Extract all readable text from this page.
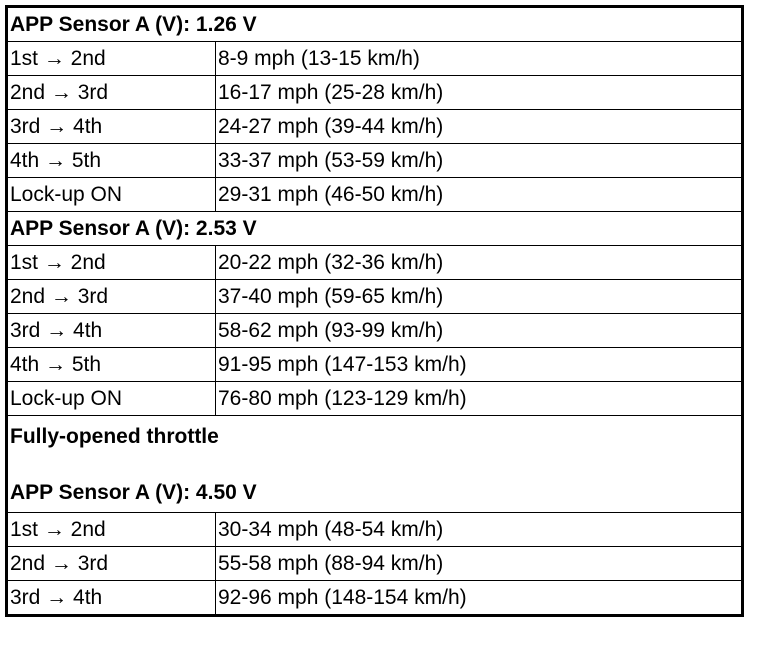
APP Sensor A (V): 1.26 V	
1st → 2nd	8-9 mph (13-15 km/h)
2nd → 3rd	16-17 mph (25-28 km/h)
3rd → 4th	24-27 mph (39-44 km/h)
4th → 5th	33-37 mph (53-59 km/h)
Lock-up ON	29-31 mph (46-50 km/h)
APP Sensor A (V): 2.53 V	
1st → 2nd	20-22 mph (32-36 km/h)
2nd → 3rd	37-40 mph (59-65 km/h)
3rd → 4th	58-62 mph (93-99 km/h)
4th → 5th	91-95 mph (147-153 km/h)
Lock-up ON	76-80 mph (123-129 km/h)

Fully-opened throttle
APP Sensor A (V): 4.50 V	

1st → 2nd	30-34 mph (48-54 km/h)
2nd → 3rd	55-58 mph (88-94 km/h)
3rd → 4th	92-96 mph (148-154 km/h)
